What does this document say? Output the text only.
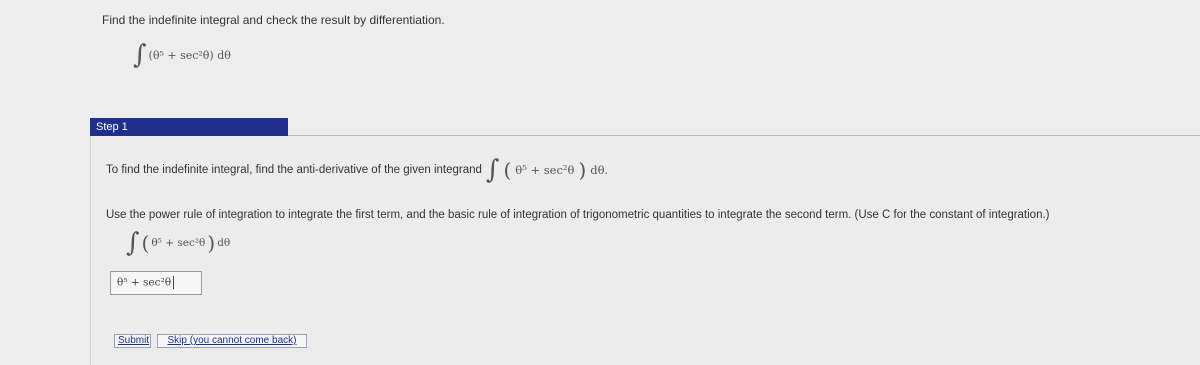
Find the indefinite integral and check the result by differentiation.
∫ (θ⁵ + sec²θ) dθ
Step 1
To find the indefinite integral, find the anti-derivative of the given integrand ∫ ( θ⁵ + sec²θ ) dθ.
Use the power rule of integration to integrate the first term, and the basic rule of integration of trigonometric quantities to integrate the second term. (Use C for the constant of integration.)
∫ ( θ⁵ + sec²θ ) dθ
θ⁵ + sec²θ
Submit	Skip (you cannot come back)
